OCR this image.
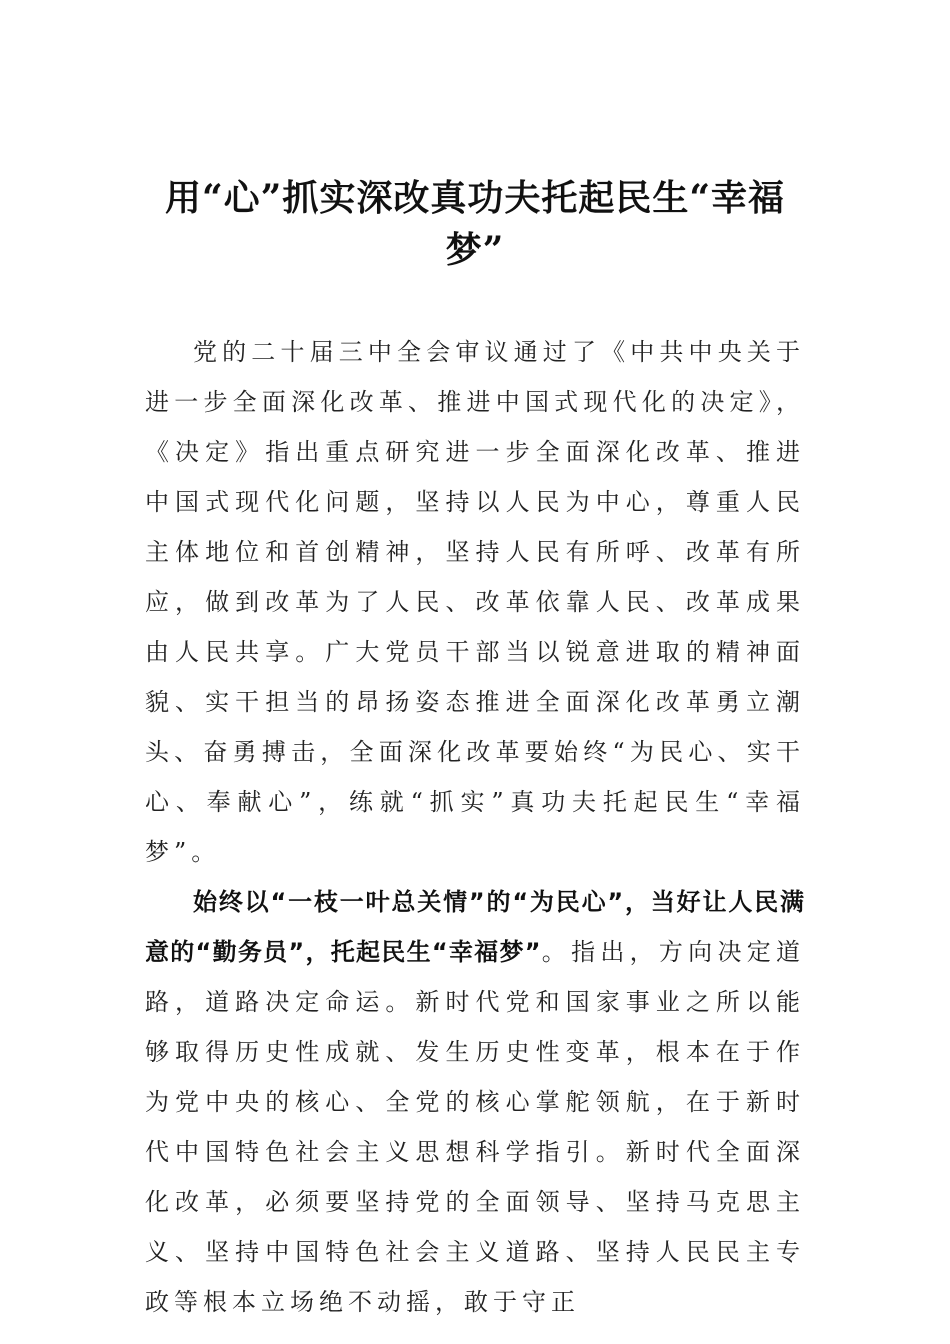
用“心”抓实深改真功夫托起民生“幸福梦”

党的二十届三中全会审议通过了《中共中央关于进一步全面深化改革、推进中国式现代化的决定》，《决定》指出重点研究进一步全面深化改革、推进中国式现代化问题，坚持以人民为中心，尊重人民主体地位和首创精神，坚持人民有所呼、改革有所应，做到改革为了人民、改革依靠人民、改革成果由人民共享。广大党员干部当以锐意进取的精神面貌、实干担当的昂扬姿态推进全面深化改革勇立潮头、奋勇搏击，全面深化改革要始终“为民心、实干心、奉献心”，练就“抓实”真功夫托起民生“幸福梦”。

始终以“一枝一叶总关情”的“为民心”，当好让人民满意的“勤务员”，托起民生“幸福梦”。指出，方向决定道路，道路决定命运。新时代党和国家事业之所以能够取得历史性成就、发生历史性变革，根本在于作为党中央的核心、全党的核心掌舵领航，在于新时代中国特色社会主义思想科学指引。新时代全面深化改革，必须要坚持党的全面领导、坚持马克思主义、坚持中国特色社会主义道路、坚持人民民主专政等根本立场绝不动摇，敢于守正
